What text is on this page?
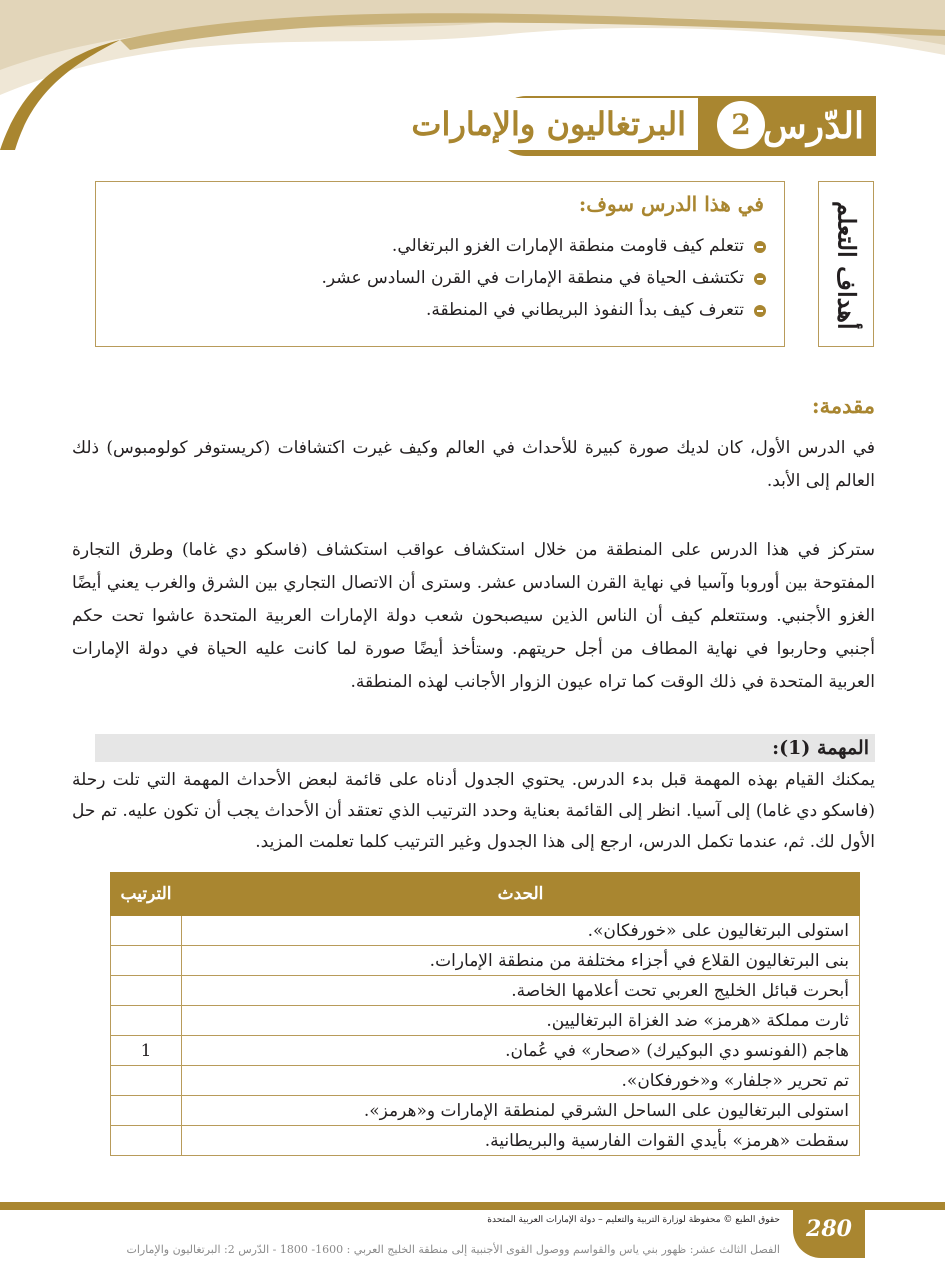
البرتغاليون والإمارات	2 الدّرس
أهداف التعلم
في هذا الدرس سوف:
تتعلم كيف قاومت منطقة الإمارات الغزو البرتغالي.
تكتشف الحياة في منطقة الإمارات في القرن السادس عشر.
تتعرف كيف بدأ النفوذ البريطاني في المنطقة.
مقدمة:
في الدرس الأول، كان لديك صورة كبيرة للأحداث في العالم وكيف غيرت اكتشافات (كريستوفر كولومبوس) ذلك العالم إلى الأبد.
ستركز في هذا الدرس على المنطقة من خلال استكشاف عواقب استكشاف (فاسكو دي غاما) وطرق التجارة المفتوحة بين أوروبا وآسيا في نهاية القرن السادس عشر. وسترى أن الاتصال التجاري بين الشرق والغرب يعني أيضًا الغزو الأجنبي. وستتعلم كيف أن الناس الذين سيصبحون شعب دولة الإمارات العربية المتحدة عاشوا تحت حكم أجنبي وحاربوا في نهاية المطاف من أجل حريتهم. وستأخذ أيضًا صورة لما كانت عليه الحياة في دولة الإمارات العربية المتحدة في ذلك الوقت كما تراه عيون الزوار الأجانب لهذه المنطقة.
المهمة (1):
يمكنك القيام بهذه المهمة قبل بدء الدرس. يحتوي الجدول أدناه على قائمة لبعض الأحداث المهمة التي تلت رحلة (فاسكو دي غاما) إلى آسيا. انظر إلى القائمة بعناية وحدد الترتيب الذي تعتقد أن الأحداث يجب أن تكون عليه. تم حل الأول لك. ثم، عندما تكمل الدرس، ارجع إلى هذا الجدول وغير الترتيب كلما تعلمت المزيد.
الحدث	الترتيب
استولى البرتغاليون على «خورفكان».	
بنى البرتغاليون القلاع في أجزاء مختلفة من منطقة الإمارات.	
أبحرت قبائل الخليج العربي تحت أعلامها الخاصة.	
ثارت مملكة «هرمز» ضد الغزاة البرتغاليين.	
هاجم (الفونسو دي البوكيرك) «صحار» في عُمان.	1
تم تحرير «جلفار» و«خورفكان».	
استولى البرتغاليون على الساحل الشرقي لمنطقة الإمارات و«هرمز».	
سقطت «هرمز» بأيدي القوات الفارسية والبريطانية.	
280
حقوق الطبع © محفوظة لوزارة التربية والتعليم – دولة الإمارات العربية المتحدة
الفصل الثالث عشر: ظهور بني ياس والقواسم ووصول القوى الأجنبية إلى منطقة الخليج العربي : 1600- 1800 - الدّرس 2: البرتغاليون والإمارات
